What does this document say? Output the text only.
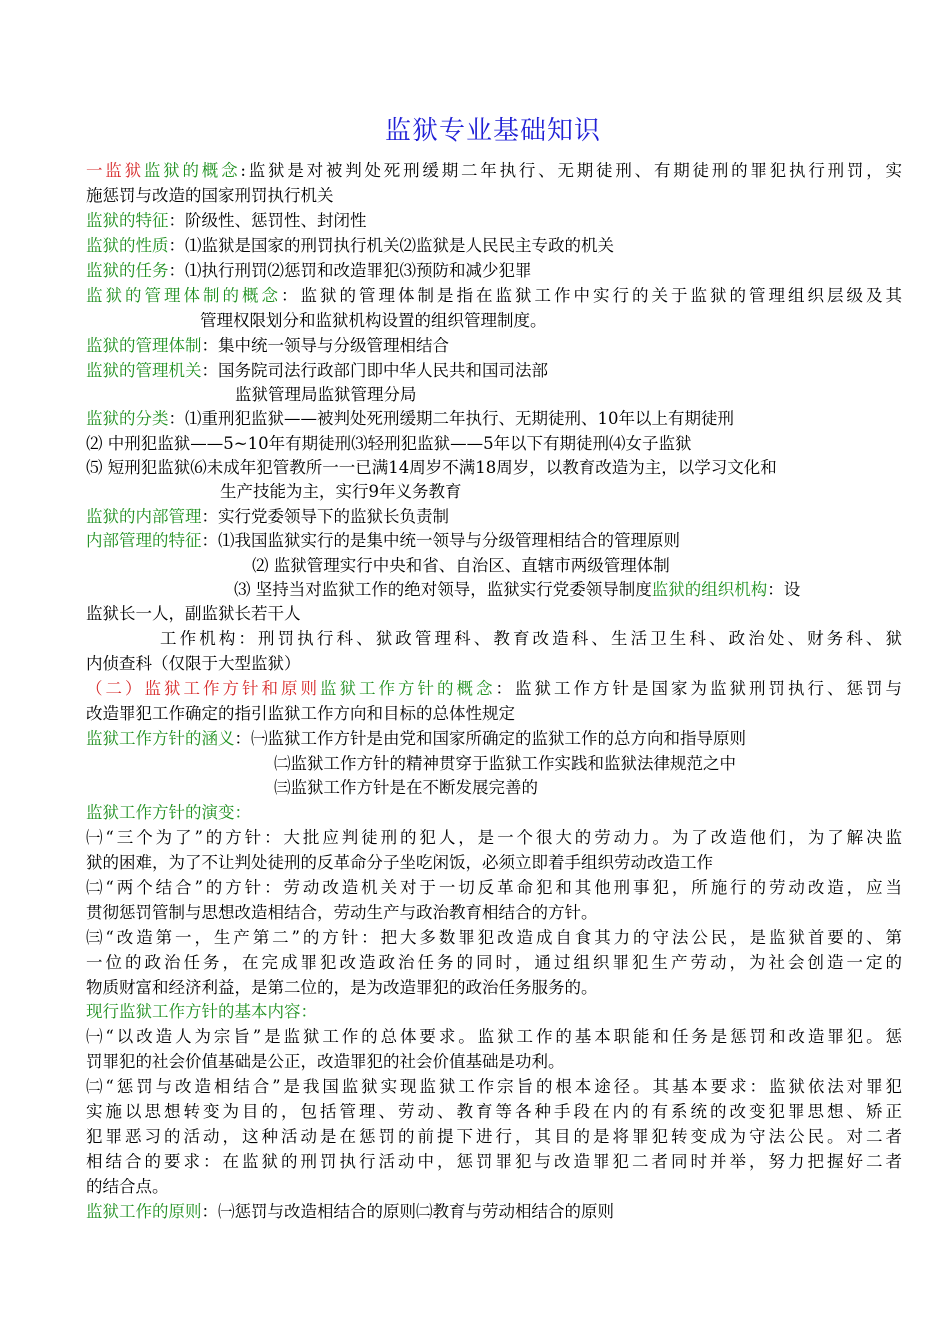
监狱专业基础知识
一监狱监狱的概念:监狱是对被判处死刑缓期二年执行、无期徒刑、有期徒刑的罪犯执行刑罚，实
施惩罚与改造的国家刑罚执行机关
监狱的特征：阶级性、惩罚性、封闭性
监狱的性质：⑴监狱是国家的刑罚执行机关⑵监狱是人民民主专政的机关
监狱的任务：⑴执行刑罚⑵惩罚和改造罪犯⑶预防和减少犯罪
监狱的管理体制的概念：监狱的管理体制是指在监狱工作中实行的关于监狱的管理组织层级及其
管理权限划分和监狱机构设置的组织管理制度。
监狱的管理体制：集中统一领导与分级管理相结合
监狱的管理机关：国务院司法行政部门即中华人民共和国司法部
监狱管理局监狱管理分局
监狱的分类：⑴重刑犯监狱——被判处死刑缓期二年执行、无期徒刑、10年以上有期徒刑
⑵ 中刑犯监狱——5~10年有期徒刑⑶轻刑犯监狱——5年以下有期徒刑⑷女子监狱
⑸ 短刑犯监狱⑹未成年犯管教所一一已满14周岁不满18周岁，以教育改造为主，以学习文化和
生产技能为主，实行9年义务教育
监狱的内部管理：实行党委领导下的监狱长负责制
内部管理的特征：⑴我国监狱实行的是集中统一领导与分级管理相结合的管理原则
⑵ 监狱管理实行中央和省、自治区、直辖市两级管理体制
⑶ 坚持当对监狱工作的绝对领导，监狱实行党委领导制度监狱的组织机构：设
监狱长一人，副监狱长若干人
工作机构：刑罚执行科、狱政管理科、教育改造科、生活卫生科、政治处、财务科、狱
内侦查科（仅限于大型监狱）
（二）监狱工作方针和原则监狱工作方针的概念：监狱工作方针是国家为监狱刑罚执行、惩罚与
改造罪犯工作确定的指引监狱工作方向和目标的总体性规定
监狱工作方针的涵义：㈠监狱工作方针是由党和国家所确定的监狱工作的总方向和指导原则
㈡监狱工作方针的精神贯穿于监狱工作实践和监狱法律规范之中
㈢监狱工作方针是在不断发展完善的
监狱工作方针的演变：
㈠“三个为了”的方针：大批应判徒刑的犯人，是一个很大的劳动力。为了改造他们，为了解决监
狱的困难，为了不让判处徒刑的反革命分子坐吃闲饭，必须立即着手组织劳动改造工作
㈡“两个结合”的方针：劳动改造机关对于一切反革命犯和其他刑事犯，所施行的劳动改造，应当
贯彻惩罚管制与思想改造相结合，劳动生产与政治教育相结合的方针。
㈢“改造第一，生产第二”的方针：把大多数罪犯改造成自食其力的守法公民，是监狱首要的、第
一位的政治任务，在完成罪犯改造政治任务的同时，通过组织罪犯生产劳动，为社会创造一定的
物质财富和经济利益，是第二位的，是为改造罪犯的政治任务服务的。
现行监狱工作方针的基本内容：
㈠“以改造人为宗旨”是监狱工作的总体要求。监狱工作的基本职能和任务是惩罚和改造罪犯。惩
罚罪犯的社会价值基础是公正，改造罪犯的社会价值基础是功利。
㈡“惩罚与改造相结合”是我国监狱实现监狱工作宗旨的根本途径。其基本要求：监狱依法对罪犯
实施以思想转变为目的，包括管理、劳动、教育等各种手段在内的有系统的改变犯罪思想、矫正
犯罪恶习的活动，这种活动是在惩罚的前提下进行，其目的是将罪犯转变成为守法公民。对二者
相结合的要求：在监狱的刑罚执行活动中，惩罚罪犯与改造罪犯二者同时并举，努力把握好二者
的结合点。
监狱工作的原则：㈠惩罚与改造相结合的原则㈡教育与劳动相结合的原则
